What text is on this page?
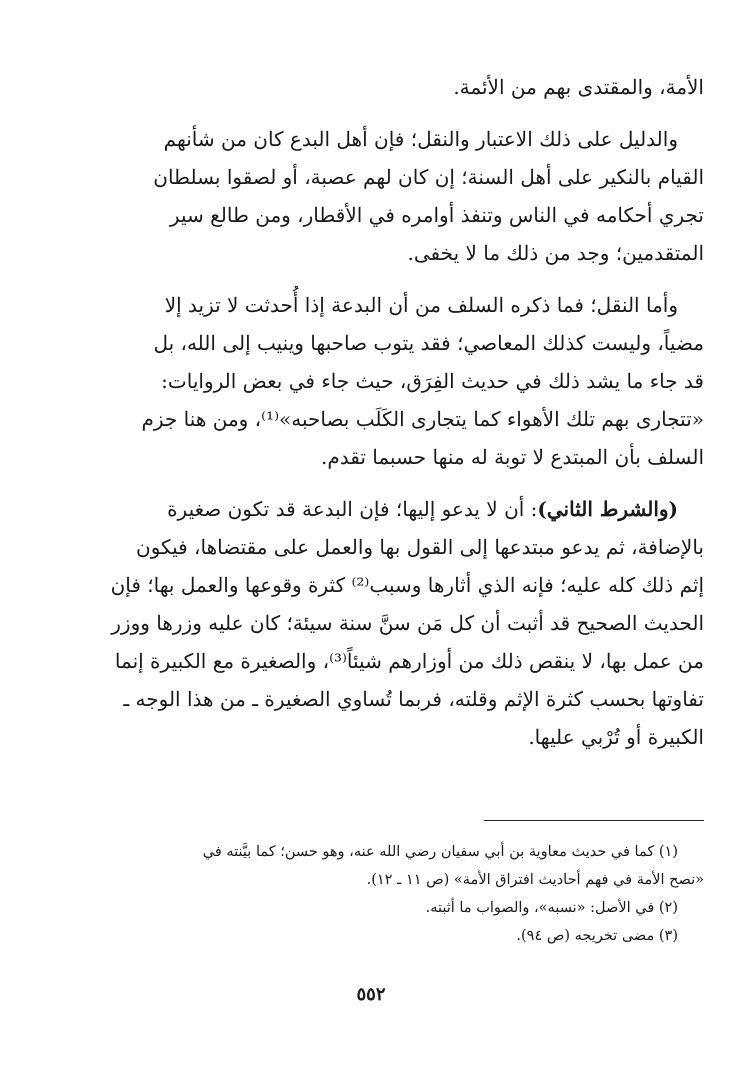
الأمة، والمقتدى بهم من الأئمة.
والدليل على ذلك الاعتبار والنقل؛ فإن أهل البدع كان من شأنهم
القيام بالنكير على أهل السنة؛ إن كان لهم عصبة، أو لصقوا بسلطان
تجري أحكامه في الناس وتنفذ أوامره في الأقطار، ومن طالع سير
المتقدمين؛ وجد من ذلك ما لا يخفى.
وأما النقل؛ فما ذكره السلف من أن البدعة إذا أُحدثت لا تزيد إلا
مضياً، وليست كذلك المعاصي؛ فقد يتوب صاحبها وينيب إلى الله، بل
قد جاء ما يشد ذلك في حديث الفِرَق، حيث جاء في بعض الروايات:
«تتجارى بهم تلك الأهواء كما يتجارى الكَلَب بصاحبه»⁽¹⁾، ومن هنا جزم
السلف بأن المبتدع لا توبة له منها حسبما تقدم.
(والشرط الثاني): أن لا يدعو إليها؛ فإن البدعة قد تكون صغيرة
بالإضافة، ثم يدعو مبتدعها إلى القول بها والعمل على مقتضاها، فيكون
إثم ذلك كله عليه؛ فإنه الذي أثارها وسبب⁽²⁾ كثرة وقوعها والعمل بها؛ فإن
الحديث الصحيح قد أثبت أن كل مَن سنَّ سنة سيئة؛ كان عليه وزرها ووزر
من عمل بها، لا ينقص ذلك من أوزارهم شيئاً⁽³⁾، والصغيرة مع الكبيرة إنما
تفاوتها بحسب كثرة الإثم وقلته، فربما تُساوي الصغيرة ـ من هذا الوجه ـ
الكبيرة أو تُرْبي عليها.
(١) كما في حديث معاوية بن أبي سفيان رضي الله عنه، وهو حسن؛ كما بيَّنته في
«نصح الأمة في فهم أحاديث افتراق الأمة» (ص ١١ ـ ١٢).
(٢) في الأصل: «نسبه»، والصواب ما أثبته.
(٣) مضى تخريجه (ص ٩٤).
٥٥٢
